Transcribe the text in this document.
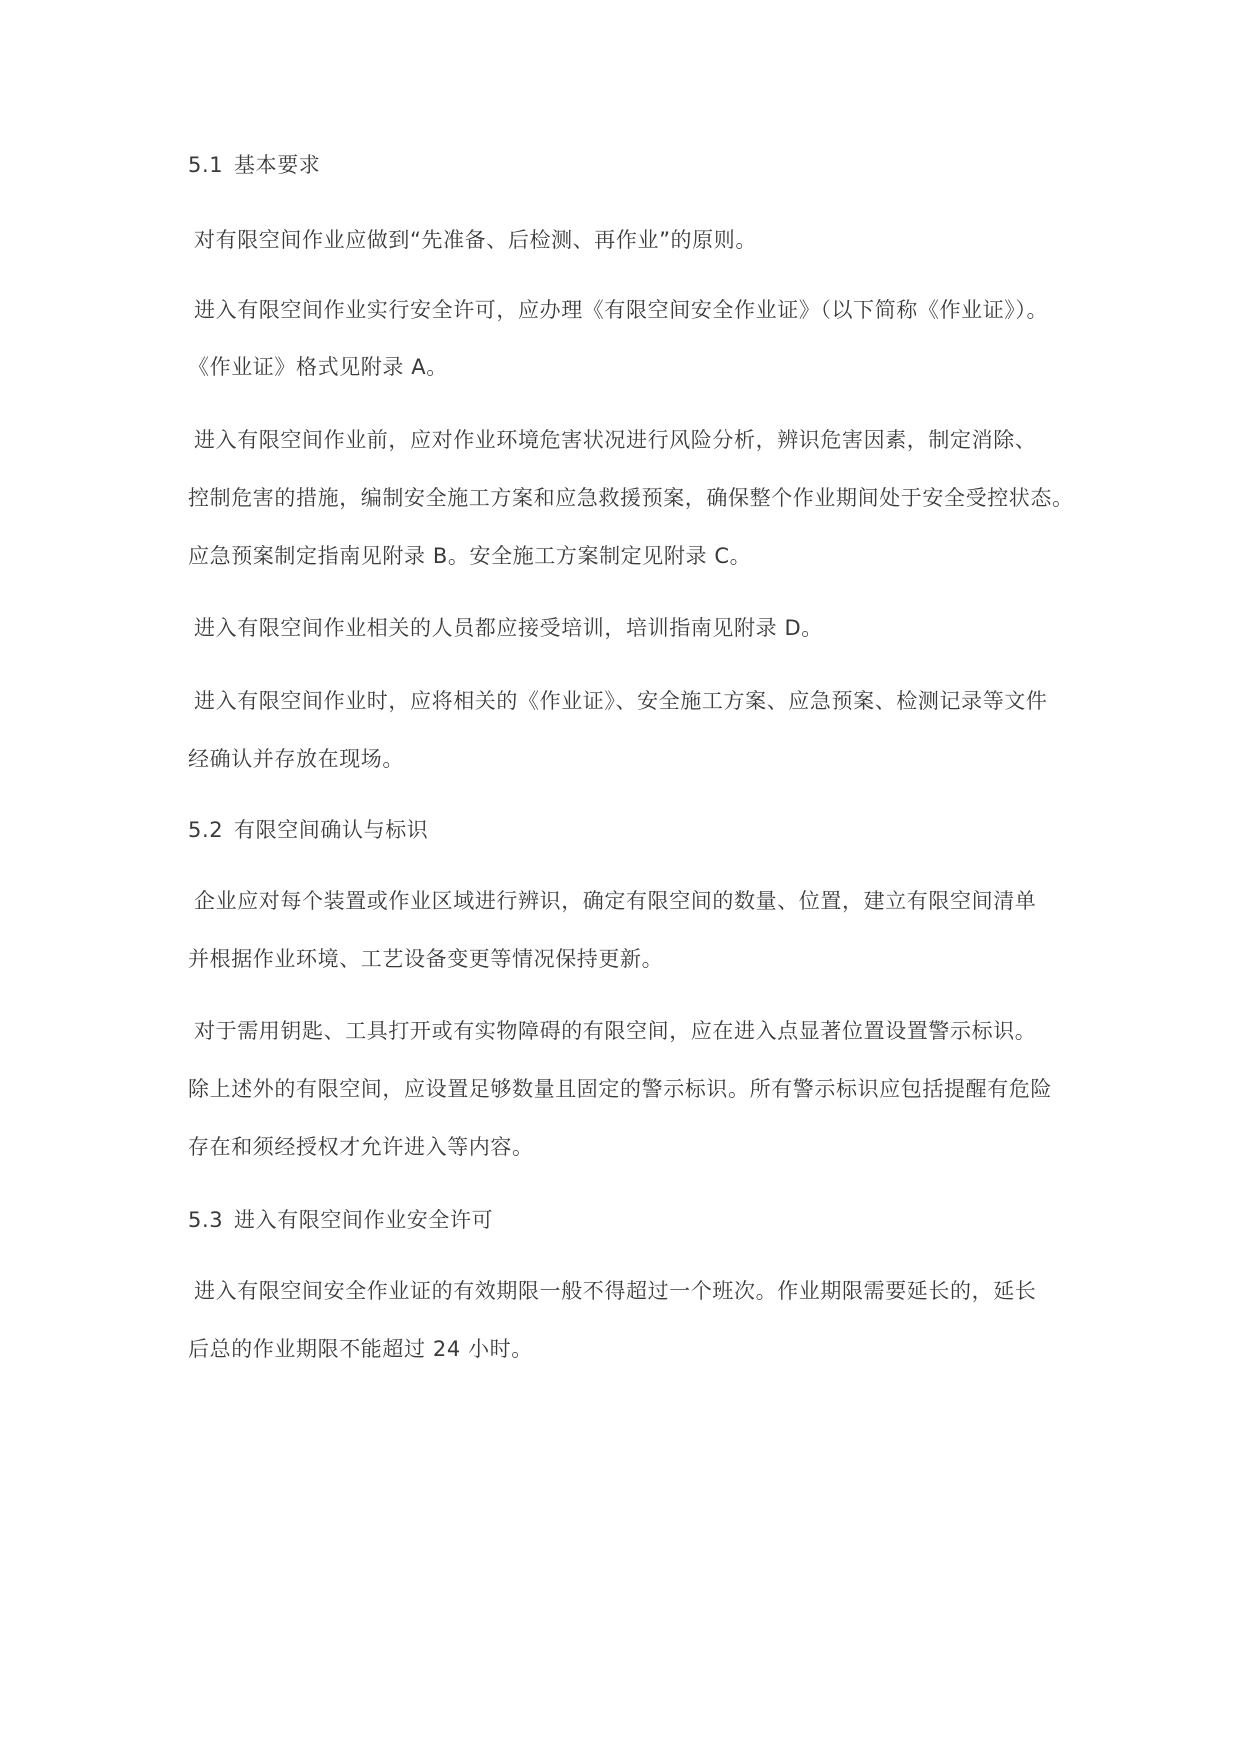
5.1 基本要求
对有限空间作业应做到“先准备、后检测、再作业”的原则。
进入有限空间作业实行安全许可，应办理《有限空间安全作业证》（以下简称《作业证》）。
《作业证》格式见附录 A。
进入有限空间作业前，应对作业环境危害状况进行风险分析，辨识危害因素，制定消除、
控制危害的措施，编制安全施工方案和应急救援预案，确保整个作业期间处于安全受控状态。
应急预案制定指南见附录 B。安全施工方案制定见附录 C。
进入有限空间作业相关的人员都应接受培训，培训指南见附录 D。
进入有限空间作业时，应将相关的《作业证》、安全施工方案、应急预案、检测记录等文件
经确认并存放在现场。
5.2 有限空间确认与标识
企业应对每个装置或作业区域进行辨识，确定有限空间的数量、位置，建立有限空间清单
并根据作业环境、工艺设备变更等情况保持更新。
对于需用钥匙、工具打开或有实物障碍的有限空间，应在进入点显著位置设置警示标识。
除上述外的有限空间，应设置足够数量且固定的警示标识。所有警示标识应包括提醒有危险
存在和须经授权才允许进入等内容。
5.3 进入有限空间作业安全许可
进入有限空间安全作业证的有效期限一般不得超过一个班次。作业期限需要延长的，延长
后总的作业期限不能超过 24 小时。
